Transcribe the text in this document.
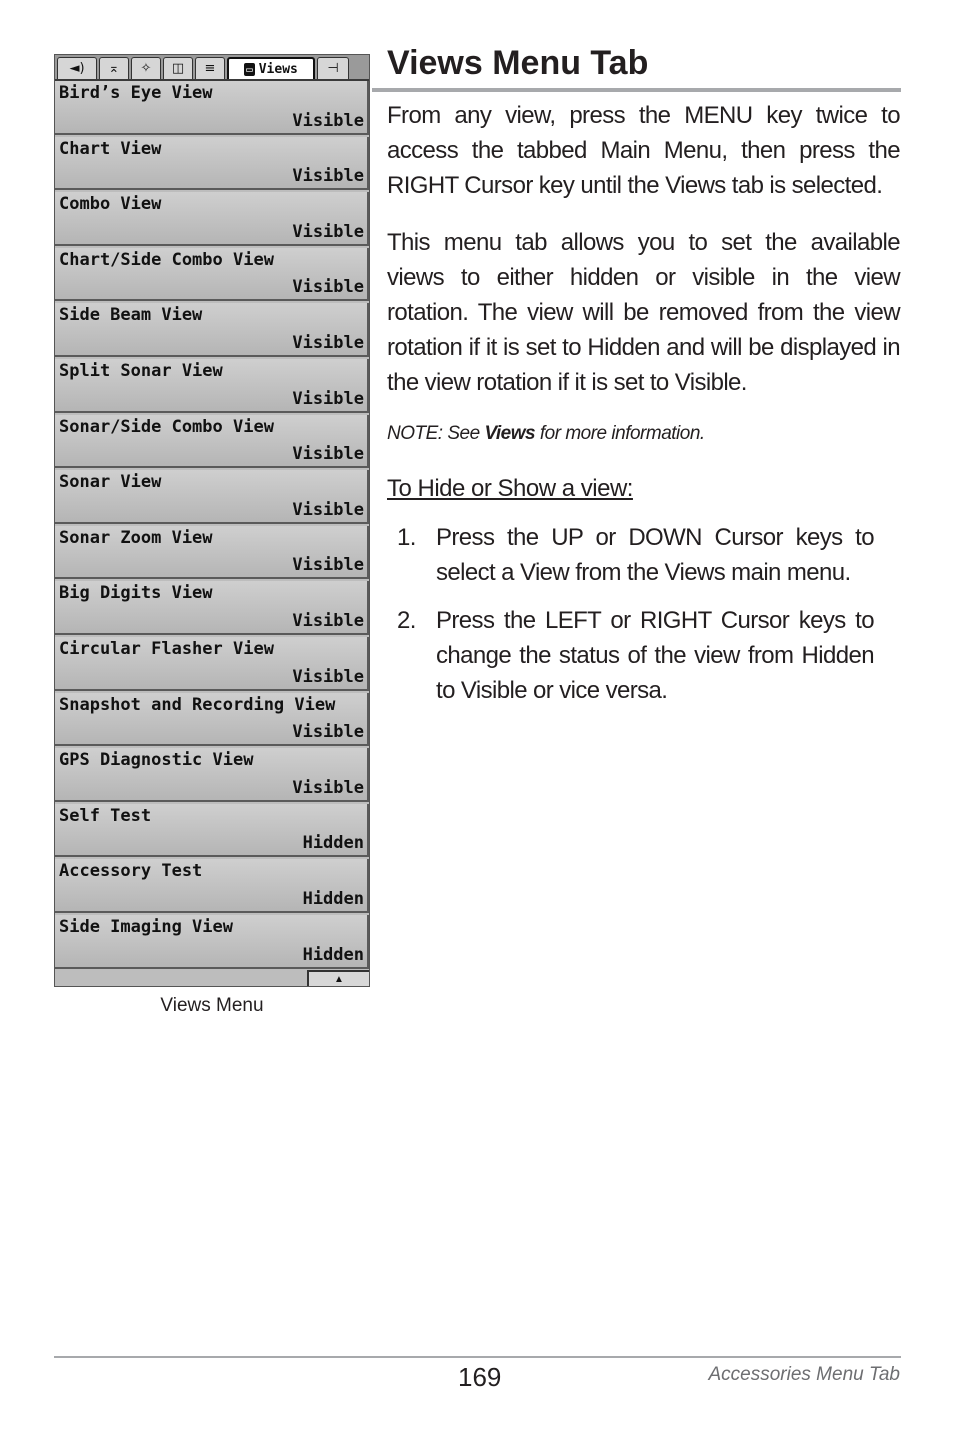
◄)	⌅	✧	◫	≡	▭ Views	⊣
Bird’s Eye View
Visible
Chart View
Visible
Combo View
Visible
Chart/Side Combo View
Visible
Side Beam View
Visible
Split Sonar View
Visible
Sonar/Side Combo View
Visible
Sonar View
Visible
Sonar Zoom View
Visible
Big Digits View
Visible
Circular Flasher View
Visible
Snapshot and Recording View
Visible
GPS Diagnostic View
Visible
Self Test
Hidden
Accessory Test
Hidden
Side Imaging View
Hidden
▲
Views Menu
Views Menu Tab

From any view, press the MENU key twice to access the tabbed Main Menu, then press the RIGHT Cursor key until the Views tab is selected.

This menu tab allows you to set the available views to either hidden or visible in the view rotation. The view will be removed from the view rotation if it is set to Hidden and will be displayed in the view rotation if it is set to Visible.

NOTE: See Views for more information.
To Hide or Show a view:
1. Press the UP or DOWN Cursor keys to select a View from the Views main menu.
2. Press the LEFT or RIGHT Cursor keys to change the status of the view from Hidden to Visible or vice versa.
169	Accessories Menu Tab
